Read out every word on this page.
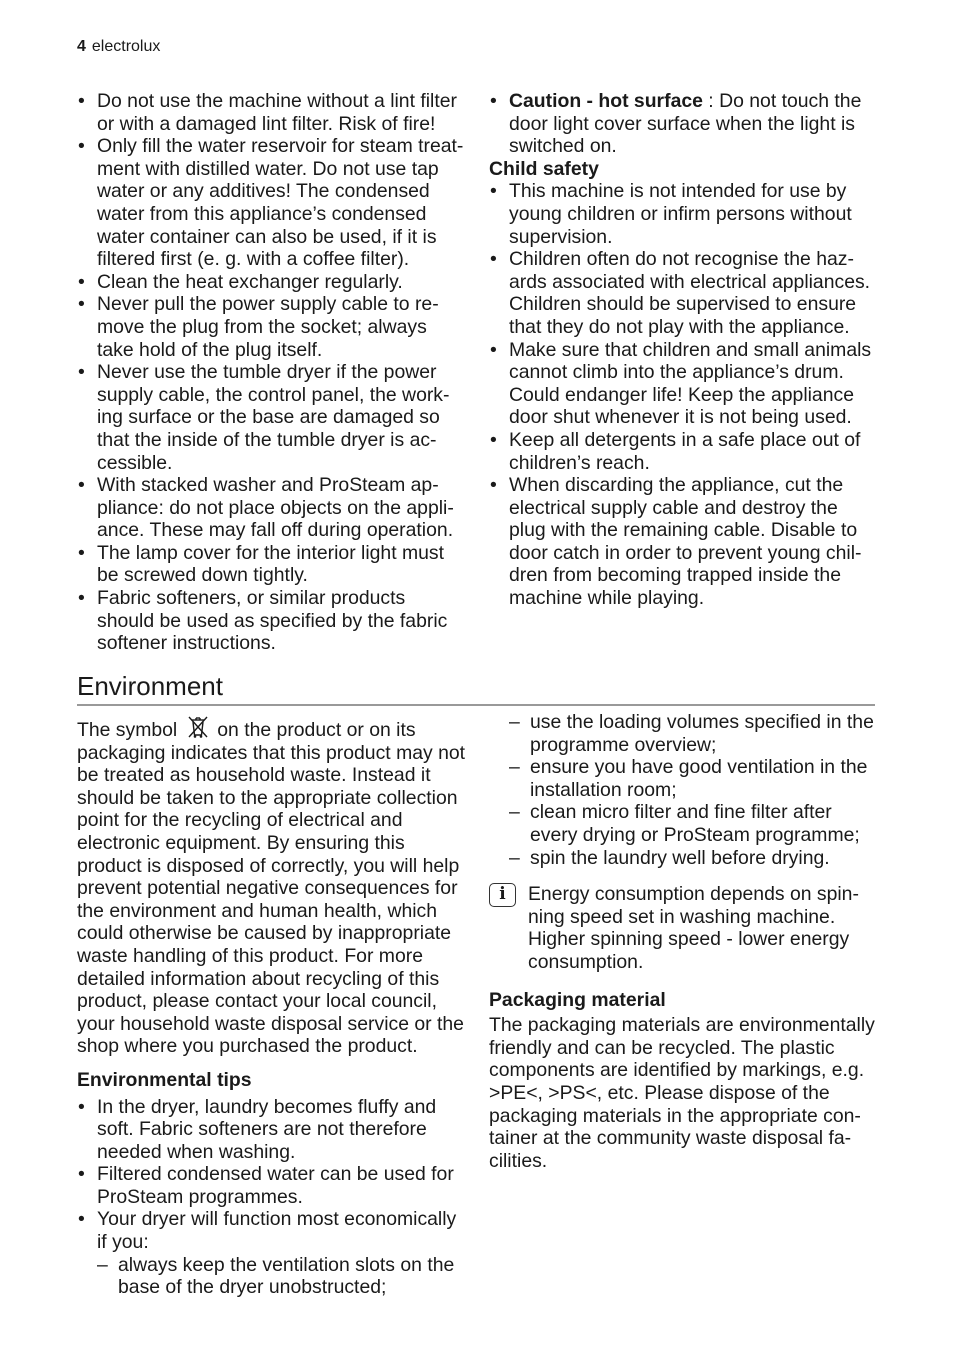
4 electrolux
• Do not use the machine without a lint filter or with a damaged lint filter. Risk of fire!
• Only fill the water reservoir for steam treat-ment with distilled water. Do not use tap water or any additives! The condensed water from this appliance’s condensed water container can also be used, if it is filtered first (e. g. with a coffee filter).
• Clean the heat exchanger regularly.
• Never pull the power supply cable to re-move the plug from the socket; always take hold of the plug itself.
• Never use the tumble dryer if the power supply cable, the control panel, the work-ing surface or the base are damaged so that the inside of the tumble dryer is ac-cessible.
• With stacked washer and ProSteam ap-pliance: do not place objects on the appli-ance. These may fall off during operation.
• The lamp cover for the interior light must be screwed down tightly.
• Fabric softeners, or similar products should be used as specified by the fabric softener instructions.
• Caution - hot surface : Do not touch the door light cover surface when the light is switched on.
Child safety
• This machine is not intended for use by young children or infirm persons without supervision.
• Children often do not recognise the haz-ards associated with electrical appliances. Children should be supervised to ensure that they do not play with the appliance.
• Make sure that children and small animals cannot climb into the appliance’s drum. Could endanger life! Keep the appliance door shut whenever it is not being used.
• Keep all detergents in a safe place out of children’s reach.
• When discarding the appliance, cut the electrical supply cable and destroy the plug with the remaining cable. Disable to door catch in order to prevent young chil-dren from becoming trapped inside the machine while playing.
Environment

The symbol on the product or on its packaging indicates that this product may not be treated as household waste. Instead it should be taken to the appropriate collection point for the recycling of electrical and electronic equipment. By ensuring this product is disposed of correctly, you will help prevent potential negative consequences for the environment and human health, which could otherwise be caused by inappropriate waste handling of this product. For more detailed information about recycling of this product, please contact your local council, your household waste disposal service or the shop where you purchased the product.

Environmental tips
• In the dryer, laundry becomes fluffy and soft. Fabric softeners are not therefore needed when washing.
• Filtered condensed water can be used for ProSteam programmes.
• Your dryer will function most economically if you:
– always keep the ventilation slots on the base of the dryer unobstructed;
– use the loading volumes specified in the programme overview;
– ensure you have good ventilation in the installation room;
– clean micro filter and fine filter after every drying or ProSteam programme;
– spin the laundry well before drying.
i	Energy consumption depends on spin-ning speed set in washing machine. Higher spinning speed - lower energy consumption.
Packaging material

The packaging materials are environmentally friendly and can be recycled. The plastic components are identified by markings, e.g. >PE<, >PS<, etc. Please dispose of the packaging materials in the appropriate con-tainer at the community waste disposal fa-cilities.
